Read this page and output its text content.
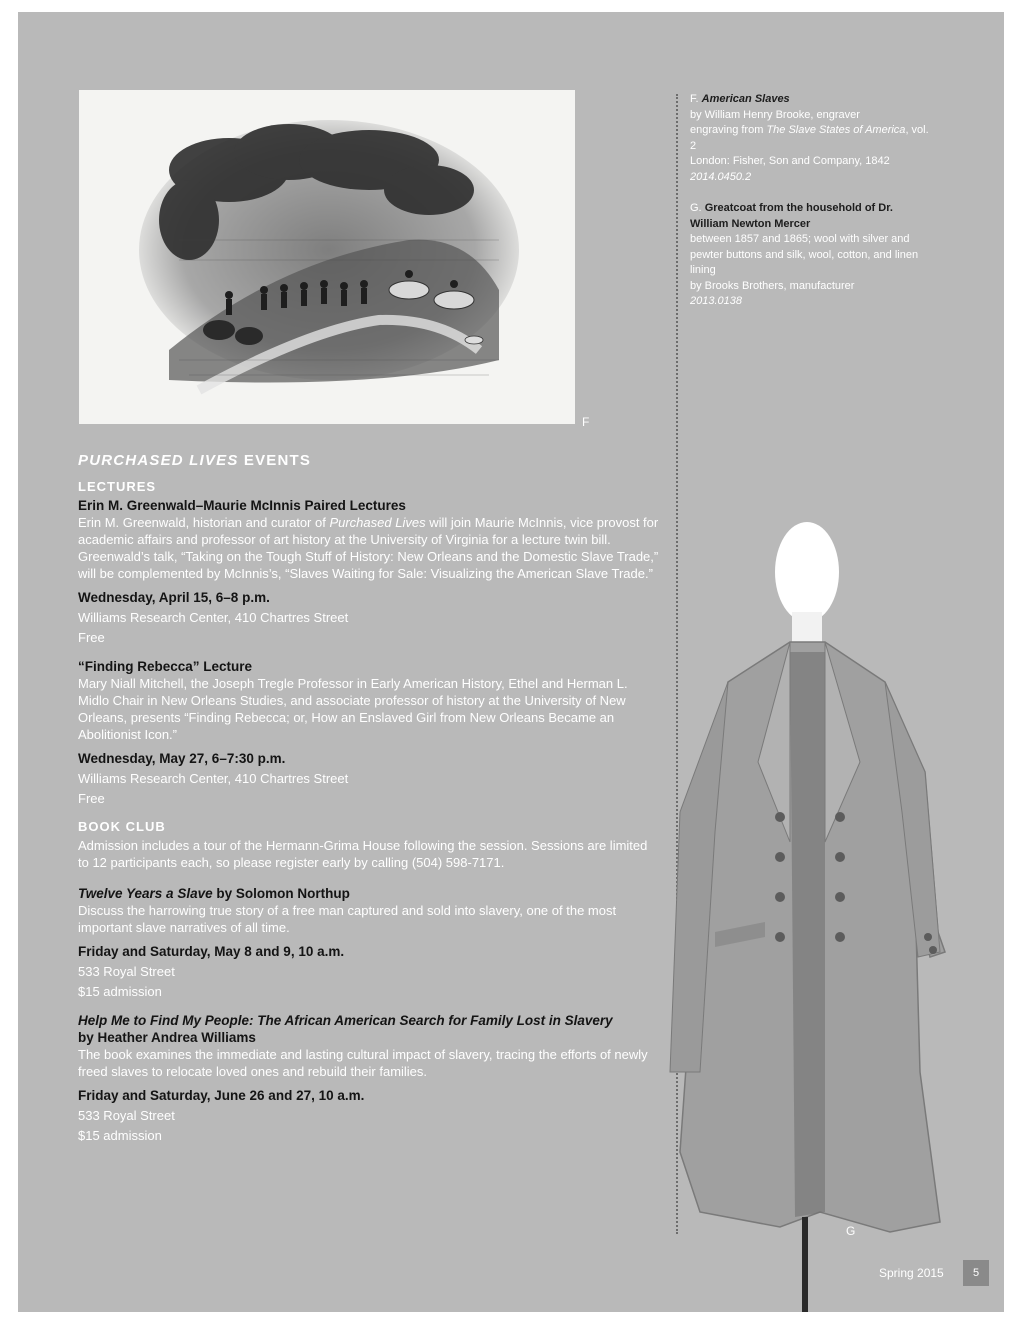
F
F. American Slaves
by William Henry Brooke, engraver
engraving from The Slave States of America, vol. 2
London: Fisher, Son and Company, 1842
2014.0450.2
G. Greatcoat from the household of Dr. William Newton Mercer
between 1857 and 1865; wool with silver and pewter buttons and silk, wool, cotton, and linen lining
by Brooks Brothers, manufacturer
2013.0138
PURCHASED LIVES EVENTS
LECTURES

Erin M. Greenwald–Maurie McInnis Paired Lectures

Erin M. Greenwald, historian and curator of Purchased Lives will join Maurie McInnis, vice provost for academic affairs and professor of art history at the University of Virginia for a lecture twin bill. Greenwald’s talk, “Taking on the Tough Stuff of History: New Orleans and the Domestic Slave Trade,” will be complemented by McInnis’s, “Slaves Waiting for Sale: Visualizing the American Slave Trade.”

Wednesday, April 15, 6–8 p.m.

Williams Research Center, 410 Chartres Street

Free

“Finding Rebecca” Lecture

Mary Niall Mitchell, the Joseph Tregle Professor in Early American History, Ethel and Herman L. Midlo Chair in New Orleans Studies, and associate professor of history at the University of New Orleans, presents “Finding Rebecca; or, How an Enslaved Girl from New Orleans Became an Abolitionist Icon.”

Wednesday, May 27, 6–7:30 p.m.

Williams Research Center, 410 Chartres Street

Free

BOOK CLUB

Admission includes a tour of the Hermann-Grima House following the session. Sessions are limited to 12 participants each, so please register early by calling (504) 598-7171.

Twelve Years a Slave by Solomon Northup

Discuss the harrowing true story of a free man captured and sold into slavery, one of the most important slave narratives of all time.

Friday and Saturday, May 8 and 9, 10 a.m.

533 Royal Street

$15 admission

Help Me to Find My People: The African American Search for Family Lost in Slavery
by Heather Andrea Williams

The book examines the immediate and lasting cultural impact of slavery, tracing the efforts of newly freed slaves to relocate loved ones and rebuild their families.

Friday and Saturday, June 26 and 27, 10 a.m.

533 Royal Street

$15 admission

G
Spring 2015	5
